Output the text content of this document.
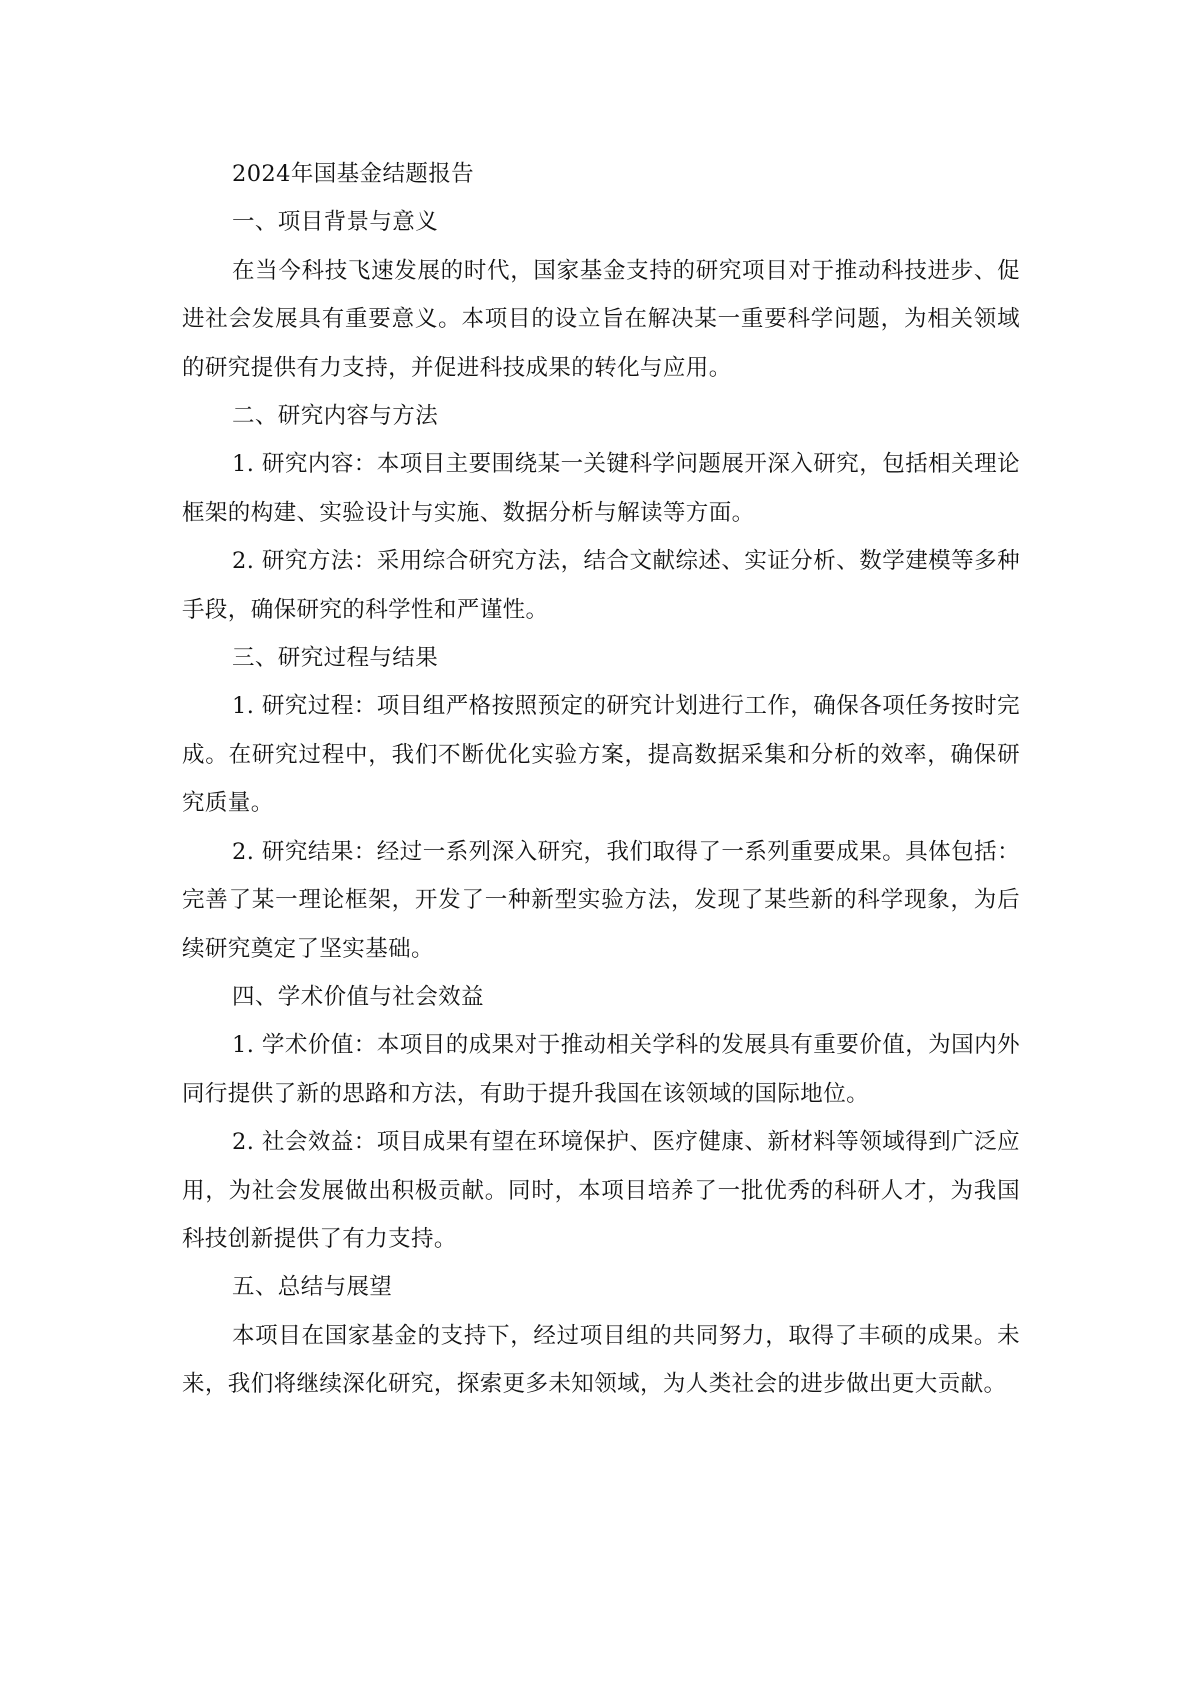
2024年国基金结题报告

一、项目背景与意义

在当今科技飞速发展的时代，国家基金支持的研究项目对于推动科技进步、促进社会发展具有重要意义。本项目的设立旨在解决某一重要科学问题，为相关领域的研究提供有力支持，并促进科技成果的转化与应用。

二、研究内容与方法

1. 研究内容：本项目主要围绕某一关键科学问题展开深入研究，包括相关理论框架的构建、实验设计与实施、数据分析与解读等方面。

2. 研究方法：采用综合研究方法，结合文献综述、实证分析、数学建模等多种手段，确保研究的科学性和严谨性。

三、研究过程与结果

1. 研究过程：项目组严格按照预定的研究计划进行工作，确保各项任务按时完成。在研究过程中，我们不断优化实验方案，提高数据采集和分析的效率，确保研究质量。

2. 研究结果：经过一系列深入研究，我们取得了一系列重要成果。具体包括：完善了某一理论框架，开发了一种新型实验方法，发现了某些新的科学现象，为后续研究奠定了坚实基础。

四、学术价值与社会效益

1. 学术价值：本项目的成果对于推动相关学科的发展具有重要价值，为国内外同行提供了新的思路和方法，有助于提升我国在该领域的国际地位。

2. 社会效益：项目成果有望在环境保护、医疗健康、新材料等领域得到广泛应用，为社会发展做出积极贡献。同时，本项目培养了一批优秀的科研人才，为我国科技创新提供了有力支持。

五、总结与展望

本项目在国家基金的支持下，经过项目组的共同努力，取得了丰硕的成果。未来，我们将继续深化研究，探索更多未知领域，为人类社会的进步做出更大贡献。
